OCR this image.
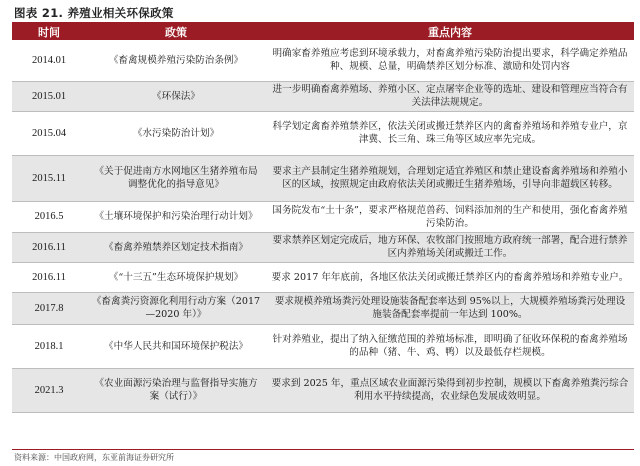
图表 21. 养殖业相关环保政策
时间	政策	重点内容
2014.01	《畜禽规模养殖污染防治条例》	明确家畜养殖应考虑到环境承载力，对畜禽养殖污染防治提出要求，科学确定养殖品种、规模、总量，明确禁养区划分标准、激励和处罚内容
2015.01	《环保法》	进一步明确畜禽养殖场、养殖小区、定点屠宰企业等的选址、建设和管理应当符合有关法律法规规定。
2015.04	《水污染防治计划》	科学划定禽畜养殖禁养区，依法关闭或搬迁禁养区内的禽畜养殖场和养殖专业户，京津冀、长三角、珠三角等区域应率先完成。
2015.11	《关于促进南方水网地区生猪养殖布局调整优化的指导意见》	要求主产县制定生猪养殖规划，合理划定适宜养殖区和禁止建设畜禽养殖场和养殖小区的区域，按照规定由政府依法关闭或搬迁生猪养殖场，引导向非超载区转移。
2016.5	《土壤环境保护和污染治理行动计划》	国务院发布“土十条”，要求严格规范兽药、饲料添加剂的生产和使用，强化畜禽养殖污染防治。
2016.11	《畜禽养殖禁养区划定技术指南》	要求禁养区划定完成后，地方环保、农牧部门按照地方政府统一部署，配合进行禁养区内养殖场关闭或搬迁工作。
2016.11	《“十三五”生态环境保护规划》	要求 2017 年年底前，各地区依法关闭或搬迁禁养区内的畜禽养殖场和养殖专业户。
2017.8	《畜禽粪污资源化利用行动方案（2017—2020 年）》	要求规模养殖场粪污处理设施装备配套率达到 95%以上，大规模养殖场粪污处理设施装备配套率提前一年达到 100%。
2018.1	《中华人民共和国环境保护税法》	针对养殖业，提出了纳入征缴范围的养殖场标准，即明确了征收环保税的畜禽养殖场的品种（猪、牛、鸡、鸭）以及最低存栏规模。
2021.3	《农业面源污染治理与监督指导实施方案（试行）》	要求到 2025 年，重点区域农业面源污染得到初步控制，规模以下畜禽养殖粪污综合利用水平持续提高，农业绿色发展成效明显。
资料来源：中国政府网，东亚前海证券研究所
